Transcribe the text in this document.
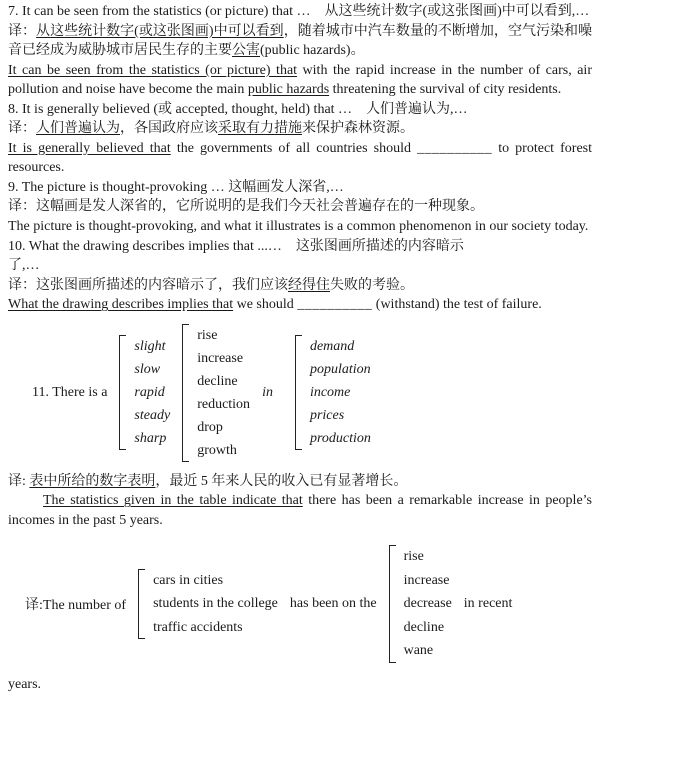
7. It can be seen from the statistics (or picture) that …　从这些统计数字(或这张图画)中可以看到,…

译：从这些统计数字(或这张图画)中可以看到，随着城市中汽车数量的不断增加，空气污染和噪音已经成为威胁城市居民生存的主要公害(public hazards)。

It can be seen from the statistics (or picture) that with the rapid increase in the number of cars, air pollution and noise have become the main public hazards threatening the survival of city residents.

8. It is generally believed (或 accepted, thought, held) that …　人们普遍认为,…

译：人们普遍认为，各国政府应该采取有力措施来保护森林资源。

It is generally believed that the governments of all countries should __________ to protect forest resources.

9. The picture is thought-provoking … 这幅画发人深省,…

译：这幅画是发人深省的，它所说明的是我们今天社会普遍存在的一种现象。

The picture is thought-provoking, and what it illustrates is a common phenomenon in our society today.

10. What the drawing describes implies that ...…　这张图画所描述的内容暗示

了,…

译：这张图画所描述的内容暗示了，我们应该经得住失败的考验。

What the drawing describes implies that we should __________ (withstand) the test of failure.

11. There is a
slight
slow
rapid
steady
sharp
rise
increase
decline
reduction
drop
growth
in
demand
population
income
prices
production

译: 表中所给的数字表明，最近 5 年来人民的收入已有显著增长。

The statistics given in the table indicate that there has been a remarkable increase in people’s incomes in the past 5 years.

译:The number of
cars in cities
students in the college
traffic accidents
has been on the
rise
increase
decrease
decline
wane
in recent

years.
